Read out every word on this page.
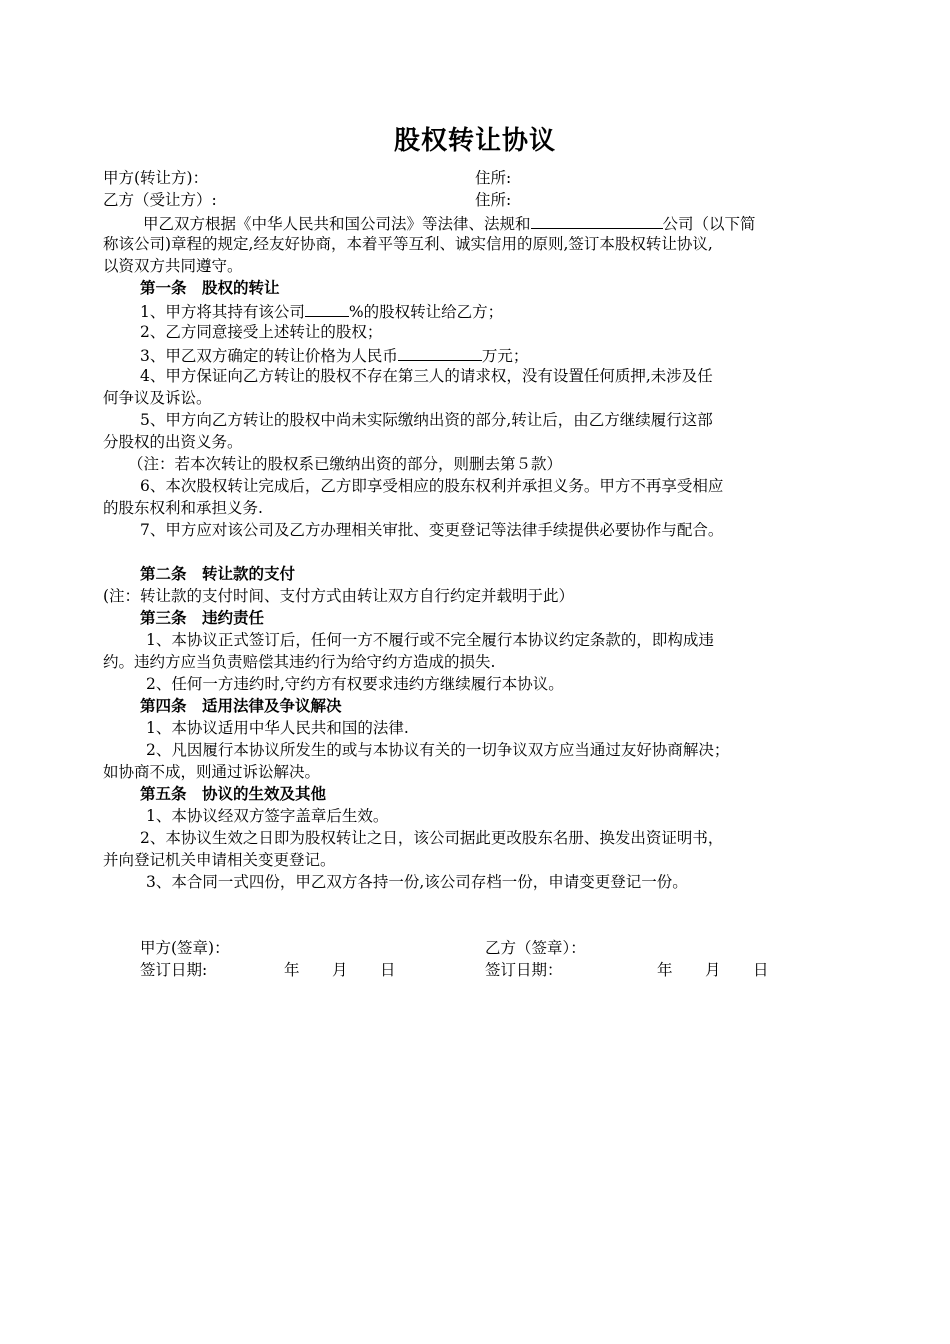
股权转让协议
甲方(转让方)：	住所:
乙方（受让方）:	住所:
甲乙双方根据《中华人民共和国公司法》等法律、法规和	公司（以下简
称该公司)章程的规定,经友好协商，本着平等互利、诚实信用的原则,签订本股权转让协议,
以资双方共同遵守。
第一条　股权的转让
1、甲方将其持有该公司	%的股权转让给乙方；
2、乙方同意接受上述转让的股权；
3、甲乙双方确定的转让价格为人民币	万元；
4、甲方保证向乙方转让的股权不存在第三人的请求权，没有设置任何质押,未涉及任
何争议及诉讼。
5、甲方向乙方转让的股权中尚未实际缴纳出资的部分,转让后，由乙方继续履行这部
分股权的出资义务。
（注：若本次转让的股权系已缴纳出资的部分，则删去第５款）
6、本次股权转让完成后，乙方即享受相应的股东权利并承担义务。甲方不再享受相应
的股东权利和承担义务.
7、甲方应对该公司及乙方办理相关审批、变更登记等法律手续提供必要协作与配合。
第二条　转让款的支付
(注：转让款的支付时间、支付方式由转让双方自行约定并载明于此）
第三条　违约责任
1、本协议正式签订后，任何一方不履行或不完全履行本协议约定条款的，即构成违
约。违约方应当负责赔偿其违约行为给守约方造成的损失.
2、任何一方违约时,守约方有权要求违约方继续履行本协议。
第四条　适用法律及争议解决
1、本协议适用中华人民共和国的法律.
2、凡因履行本协议所发生的或与本协议有关的一切争议双方应当通过友好协商解决；
如协商不成，则通过诉讼解决。
第五条　协议的生效及其他
1、本协议经双方签字盖章后生效。
2、本协议生效之日即为股权转让之日，该公司据此更改股东名册、换发出资证明书，
并向登记机关申请相关变更登记。
3、本合同一式四份，甲乙双方各持一份,该公司存档一份，申请变更登记一份。
甲方(签章)：	乙方（签章）：
签订日期:	年 月 日	签订日期：	年 月 日
